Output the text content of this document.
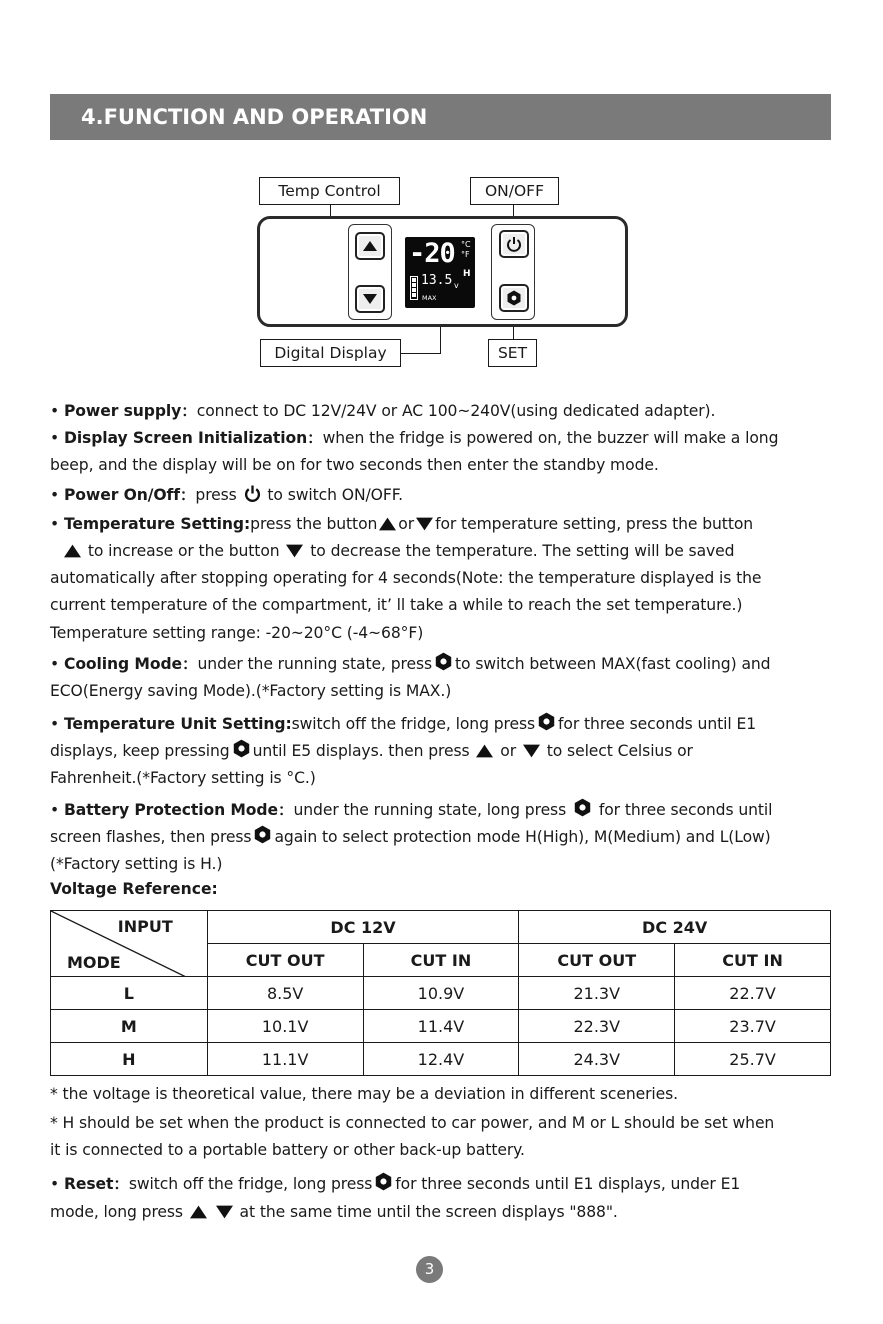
4.FUNCTION AND OPERATION
Temp Control	ON/OFF
Digital Display	SET
-20 °C
°F
13.5 v
H
MAX

• Power supply：connect to DC 12V/24V or AC 100~240V(using dedicated adapter).

• Display Screen Initialization：when the fridge is powered on, the buzzer will make a long

beep, and the display will be on for two seconds then enter the standby mode.

• Power On/Off：press to switch ON/OFF.

• Temperature Setting:press the button or for temperature setting, press the button

to increase or the button to decrease the temperature. The setting will be saved

automatically after stopping operating for 4 seconds(Note: the temperature displayed is the

current temperature of the compartment, it’ ll take a while to reach the set temperature.)

Temperature setting range: -20~20°C (-4~68°F)

• Cooling Mode：under the running state, press to switch between MAX(fast cooling) and

ECO(Energy saving Mode).(*Factory setting is MAX.)

• Temperature Unit Setting:switch off the fridge, long press for three seconds until E1

displays, keep pressing until E5 displays. then press or to select Celsius or

Fahrenheit.(*Factory setting is °C.)

• Battery Protection Mode：under the running state, long press for three seconds until

screen flashes, then press again to select protection mode H(High), M(Medium) and L(Low)

(*Factory setting is H.)

Voltage Reference:
INPUT
MODE	DC 12V		DC 24V	
	CUT OUT	CUT IN	CUT OUT	CUT IN
L	8.5V	10.9V	21.3V	22.7V
M	10.1V	11.4V	22.3V	23.7V
H	11.1V	12.4V	24.3V	25.7V

* the voltage is theoretical value, there may be a deviation in different sceneries.

* H should be set when the product is connected to car power, and M or L should be set when

it is connected to a portable battery or other back-up battery.

• Reset：switch off the fridge, long press for three seconds until E1 displays, under E1

mode, long press	at the same time until the screen displays "888".

3
